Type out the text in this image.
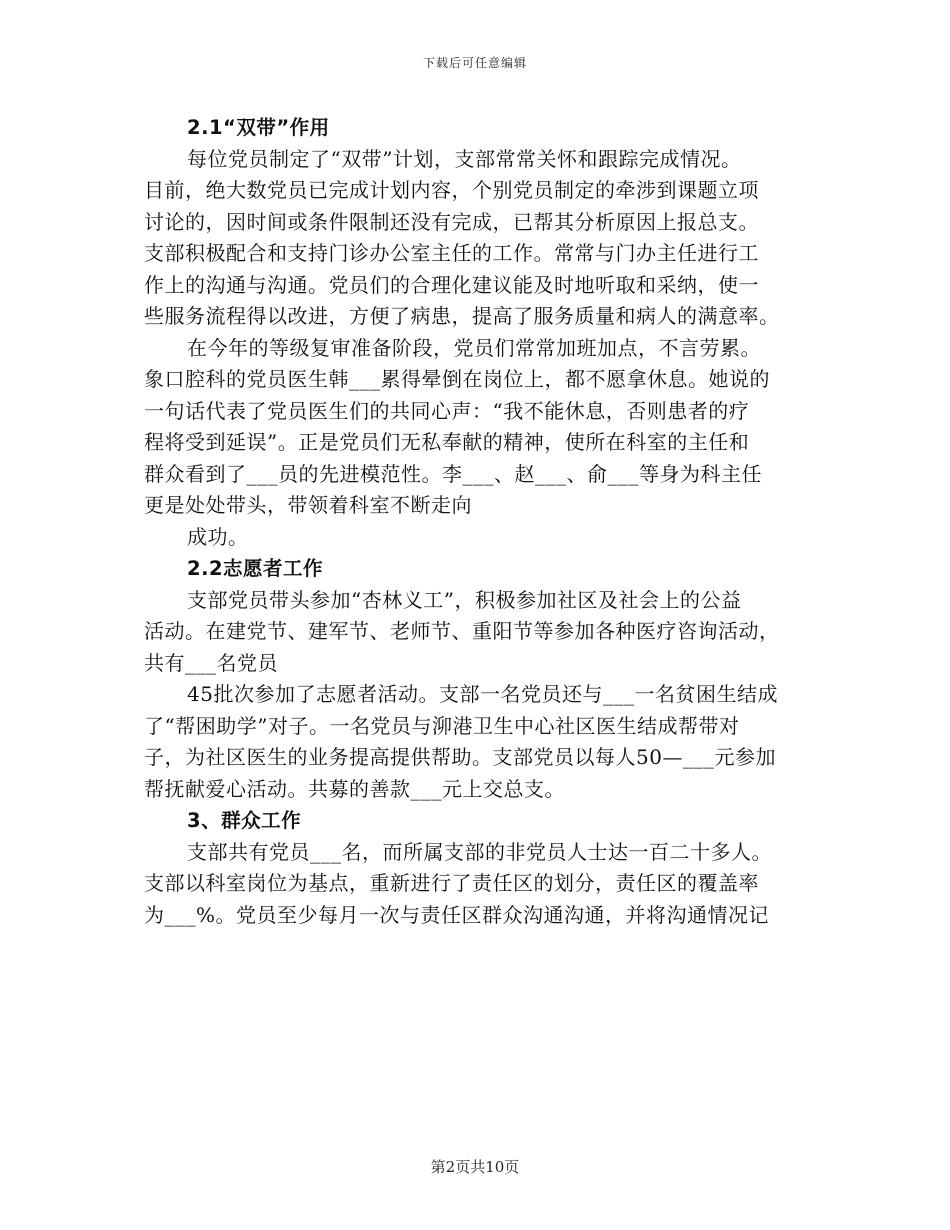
下载后可任意编辑
2.1“双带”作用
每位党员制定了“双带”计划，支部常常关怀和跟踪完成情况。
目前，绝大数党员已完成计划内容，个别党员制定的牵涉到课题立项
讨论的，因时间或条件限制还没有完成，已帮其分析原因上报总支。
支部积极配合和支持门诊办公室主任的工作。常常与门办主任进行工
作上的沟通与沟通。党员们的合理化建议能及时地听取和采纳，使一
些服务流程得以改进，方便了病患，提高了服务质量和病人的满意率。
在今年的等级复审准备阶段，党员们常常加班加点，不言劳累。
象口腔科的党员医生韩___累得晕倒在岗位上，都不愿拿休息。她说的
一句话代表了党员医生们的共同心声：“我不能休息，否则患者的疗
程将受到延误”。正是党员们无私奉献的精神，使所在科室的主任和
群众看到了___员的先进模范性。李___、赵___、俞___等身为科主任
更是处处带头，带领着科室不断走向
成功。
2.2志愿者工作
支部党员带头参加“杏林义工”，积极参加社区及社会上的公益
活动。在建党节、建军节、老师节、重阳节等参加各种医疗咨询活动，
共有___名党员
45批次参加了志愿者活动。支部一名党员还与___一名贫困生结成
了“帮困助学”对子。一名党员与泖港卫生中心社区医生结成帮带对
子，为社区医生的业务提高提供帮助。支部党员以每人50—___元参加
帮抚献爱心活动。共募的善款___元上交总支。
3、群众工作
支部共有党员___名，而所属支部的非党员人士达一百二十多人。
支部以科室岗位为基点，重新进行了责任区的划分，责任区的覆盖率
为___%。党员至少每月一次与责任区群众沟通沟通，并将沟通情况记
第2页共10页
